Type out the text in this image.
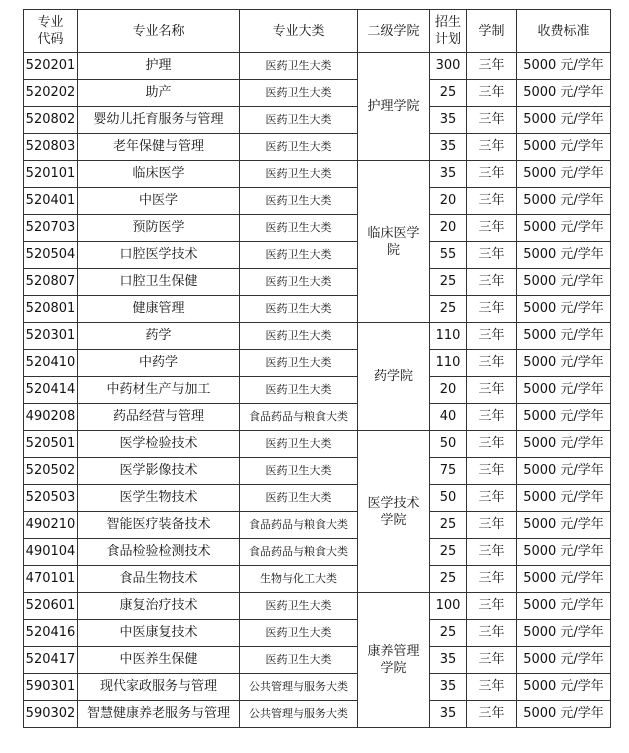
专业代码	专业名称	专业大类	二级学院	招生计划	学制	收费标准
520201	护理	医药卫生大类	护理学院	300	三年	5000 元/学年
520202	助产	医药卫生大类		25	三年	5000 元/学年
520802	婴幼儿托育服务与管理	医药卫生大类		35	三年	5000 元/学年
520803	老年保健与管理	医药卫生大类		35	三年	5000 元/学年
520101	临床医学	医药卫生大类	临床医学院	35	三年	5000 元/学年
520401	中医学	医药卫生大类		20	三年	5000 元/学年
520703	预防医学	医药卫生大类		20	三年	5000 元/学年
520504	口腔医学技术	医药卫生大类		55	三年	5000 元/学年
520807	口腔卫生保健	医药卫生大类		25	三年	5000 元/学年
520801	健康管理	医药卫生大类		25	三年	5000 元/学年
520301	药学	医药卫生大类	药学院	110	三年	5000 元/学年
520410	中药学	医药卫生大类		110	三年	5000 元/学年
520414	中药材生产与加工	医药卫生大类		20	三年	5000 元/学年
490208	药品经营与管理	食品药品与粮食大类		40	三年	5000 元/学年
520501	医学检验技术	医药卫生大类	医学技术学院	50	三年	5000 元/学年
520502	医学影像技术	医药卫生大类		75	三年	5000 元/学年
520503	医学生物技术	医药卫生大类		50	三年	5000 元/学年
490210	智能医疗装备技术	食品药品与粮食大类		25	三年	5000 元/学年
490104	食品检验检测技术	食品药品与粮食大类		25	三年	5000 元/学年
470101	食品生物技术	生物与化工大类		25	三年	5000 元/学年
520601	康复治疗技术	医药卫生大类	康养管理学院	100	三年	5000 元/学年
520416	中医康复技术	医药卫生大类		25	三年	5000 元/学年
520417	中医养生保健	医药卫生大类		35	三年	5000 元/学年
590301	现代家政服务与管理	公共管理与服务大类		35	三年	5000 元/学年
590302	智慧健康养老服务与管理	公共管理与服务大类		35	三年	5000 元/学年
